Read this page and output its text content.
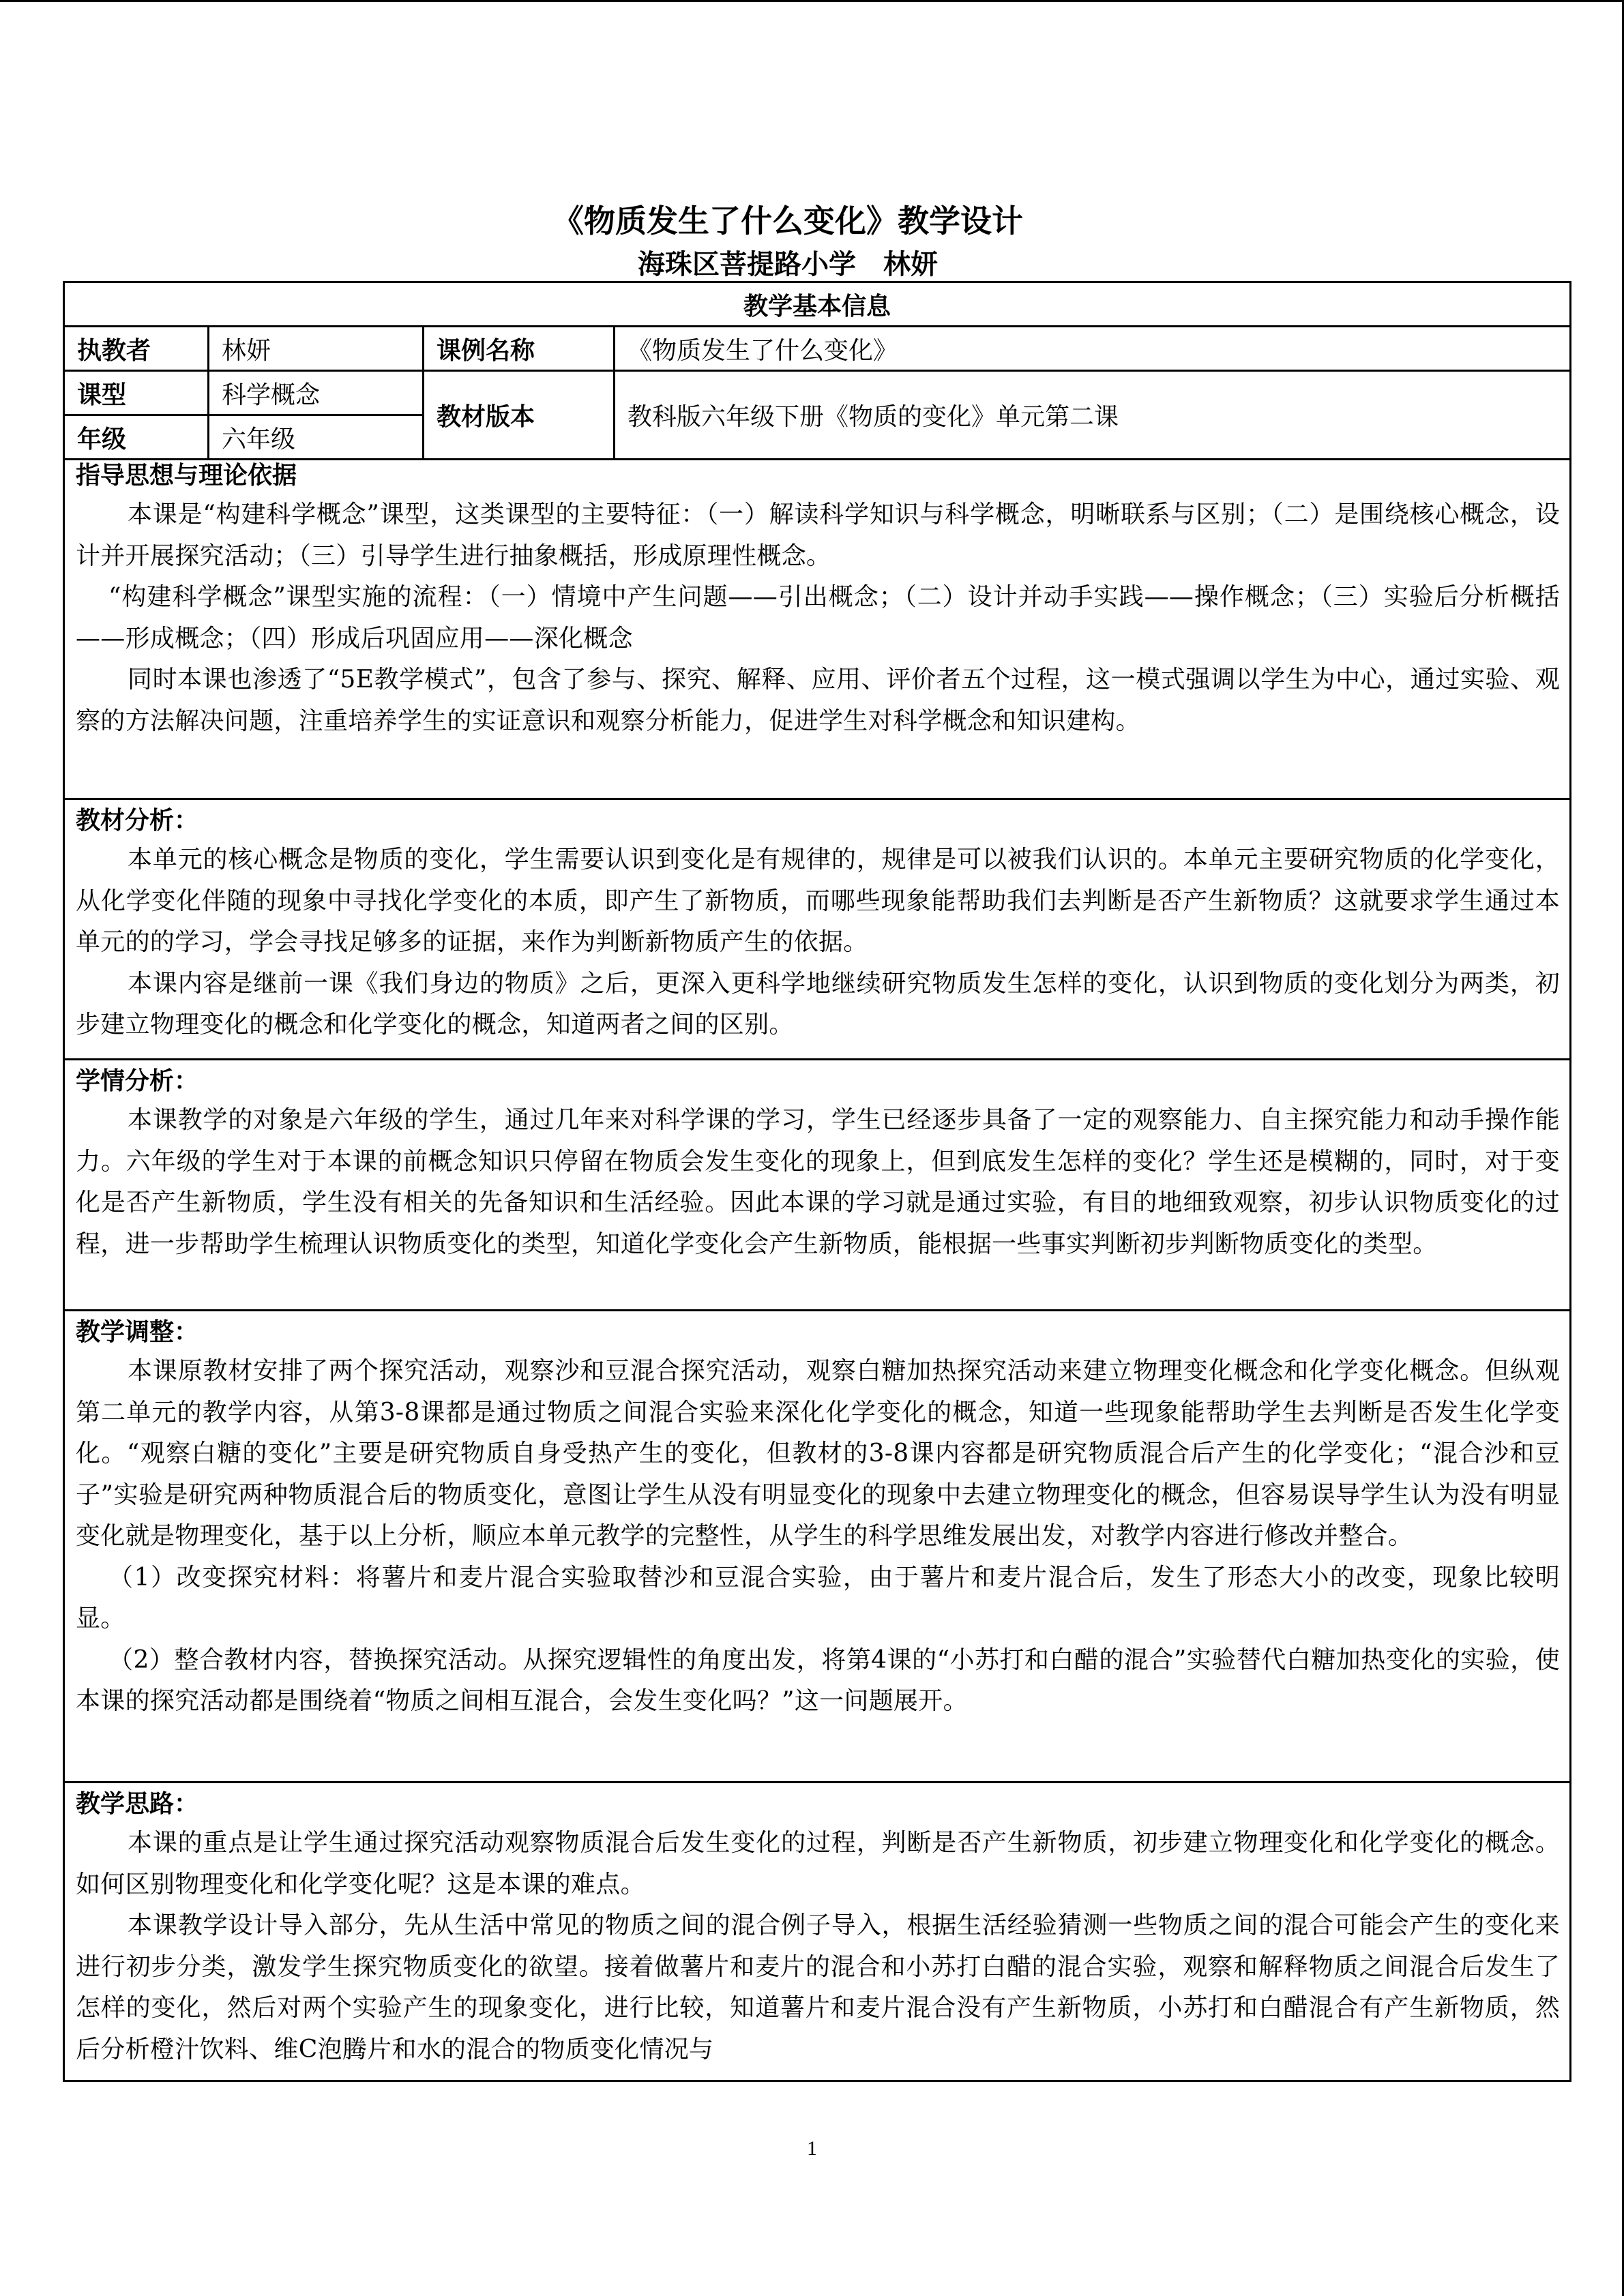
《物质发生了什么变化》教学设计
海珠区菩提路小学　林妍
教学基本信息			
执教者	林妍	课例名称	《物质发生了什么变化》
课型	科学概念	教材版本	教科版六年级下册《物质的变化》单元第二课
年级	六年级		
指导思想与理论依据

本课是“构建科学概念”课型，这类课型的主要特征：（一）解读科学知识与科学概念，明晰联系与区别；（二）是围绕核心概念，设计并开展探究活动；（三）引导学生进行抽象概括，形成原理性概念。

“构建科学概念”课型实施的流程：（一）情境中产生问题——引出概念；（二）设计并动手实践——操作概念；（三）实验后分析概括——形成概念；（四）形成后巩固应用——深化概念

同时本课也渗透了“5E教学模式”，包含了参与、探究、解释、应用、评价者五个过程，这一模式强调以学生为中心，通过实验、观察的方法解决问题，注重培养学生的实证意识和观察分析能力，促进学生对科学概念和知识建构。

教材分析：

本单元的核心概念是物质的变化，学生需要认识到变化是有规律的，规律是可以被我们认识的。本单元主要研究物质的化学变化，从化学变化伴随的现象中寻找化学变化的本质，即产生了新物质，而哪些现象能帮助我们去判断是否产生新物质？这就要求学生通过本单元的的学习，学会寻找足够多的证据，来作为判断新物质产生的依据。

本课内容是继前一课《我们身边的物质》之后，更深入更科学地继续研究物质发生怎样的变化，认识到物质的变化划分为两类，初步建立物理变化的概念和化学变化的概念，知道两者之间的区别。

学情分析：

本课教学的对象是六年级的学生，通过几年来对科学课的学习，学生已经逐步具备了一定的观察能力、自主探究能力和动手操作能力。六年级的学生对于本课的前概念知识只停留在物质会发生变化的现象上，但到底发生怎样的变化？学生还是模糊的，同时，对于变化是否产生新物质，学生没有相关的先备知识和生活经验。因此本课的学习就是通过实验，有目的地细致观察，初步认识物质变化的过程，进一步帮助学生梳理认识物质变化的类型，知道化学变化会产生新物质，能根据一些事实判断初步判断物质变化的类型。

教学调整：

本课原教材安排了两个探究活动，观察沙和豆混合探究活动，观察白糖加热探究活动来建立物理变化概念和化学变化概念。但纵观第二单元的教学内容，从第3-8课都是通过物质之间混合实验来深化化学变化的概念，知道一些现象能帮助学生去判断是否发生化学变化。“观察白糖的变化”主要是研究物质自身受热产生的变化，但教材的3-8课内容都是研究物质混合后产生的化学变化；“混合沙和豆子”实验是研究两种物质混合后的物质变化，意图让学生从没有明显变化的现象中去建立物理变化的概念，但容易误导学生认为没有明显变化就是物理变化，基于以上分析，顺应本单元教学的完整性，从学生的科学思维发展出发，对教学内容进行修改并整合。

（1）改变探究材料：将薯片和麦片混合实验取替沙和豆混合实验，由于薯片和麦片混合后，发生了形态大小的改变，现象比较明显。

（2）整合教材内容，替换探究活动。从探究逻辑性的角度出发，将第4课的“小苏打和白醋的混合”实验替代白糖加热变化的实验，使本课的探究活动都是围绕着“物质之间相互混合，会发生变化吗？”这一问题展开。

教学思路：

本课的重点是让学生通过探究活动观察物质混合后发生变化的过程，判断是否产生新物质，初步建立物理变化和化学变化的概念。如何区别物理变化和化学变化呢？这是本课的难点。

本课教学设计导入部分，先从生活中常见的物质之间的混合例子导入，根据生活经验猜测一些物质之间的混合可能会产生的变化来进行初步分类，激发学生探究物质变化的欲望。接着做薯片和麦片的混合和小苏打白醋的混合实验，观察和解释物质之间混合后发生了怎样的变化，然后对两个实验产生的现象变化，进行比较，知道薯片和麦片混合没有产生新物质，小苏打和白醋混合有产生新物质，然后分析橙汁饮料、维C泡腾片和水的混合的物质变化情况与

1
